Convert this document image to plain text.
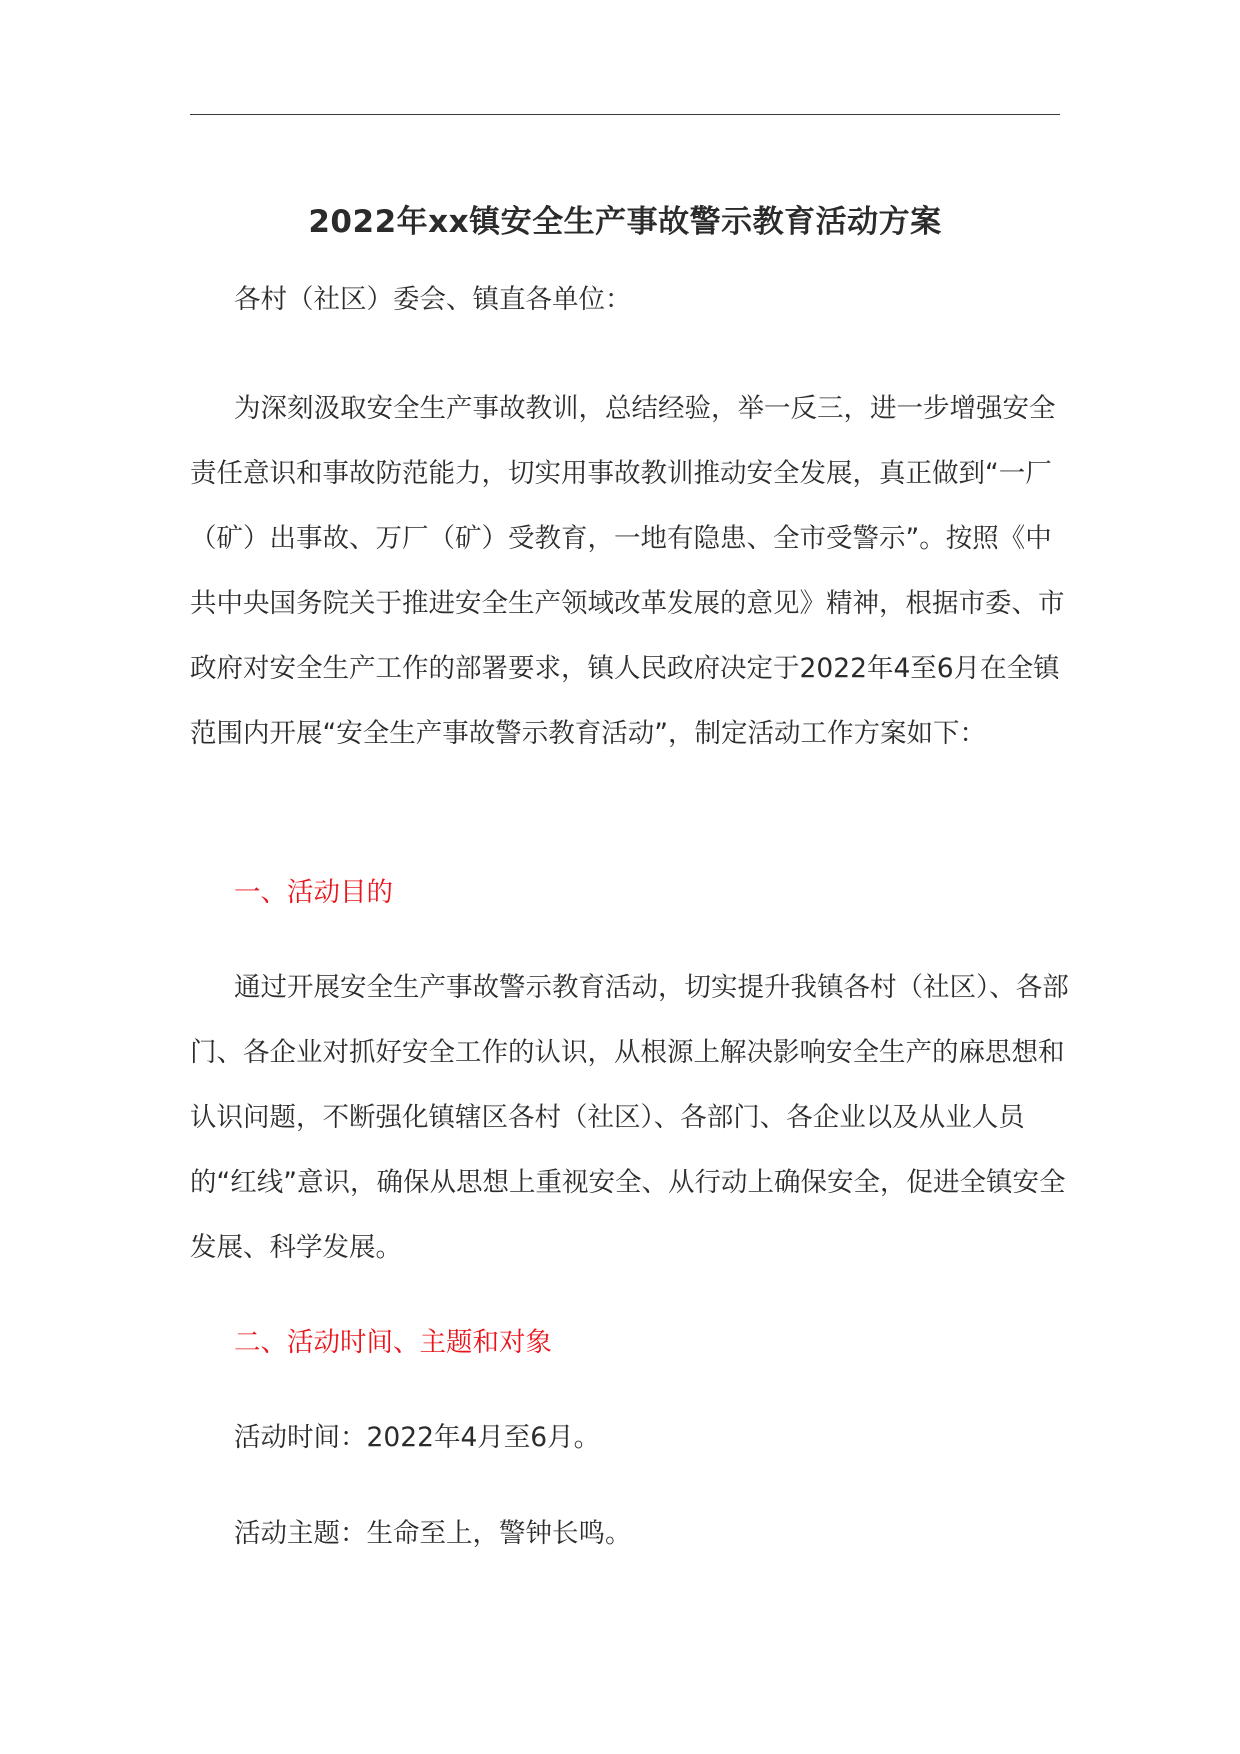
2022年xx镇安全生产事故警示教育活动方案
各村（社区）委会、镇直各单位：
为深刻汲取安全生产事故教训，总结经验，举一反三，进一步增强安全责任意识和事故防范能力，切实用事故教训推动安全发展，真正做到“一厂（矿）出事故、万厂（矿）受教育，一地有隐患、全市受警示”。按照《中共中央国务院关于推进安全生产领域改革发展的意见》精神，根据市委、市政府对安全生产工作的部署要求，镇人民政府决定于2022年4至6月在全镇范围内开展“安全生产事故警示教育活动”，制定活动工作方案如下：
一、活动目的
通过开展安全生产事故警示教育活动，切实提升我镇各村（社区）、各部门、各企业对抓好安全工作的认识，从根源上解决影响安全生产的麻思想和认识问题，不断强化镇辖区各村（社区）、各部门、各企业以及从业人员的“红线”意识，确保从思想上重视安全、从行动上确保安全，促进全镇安全发展、科学发展。
二、活动时间、主题和对象
活动时间：2022年4月至6月。
活动主题：生命至上，警钟长鸣。
